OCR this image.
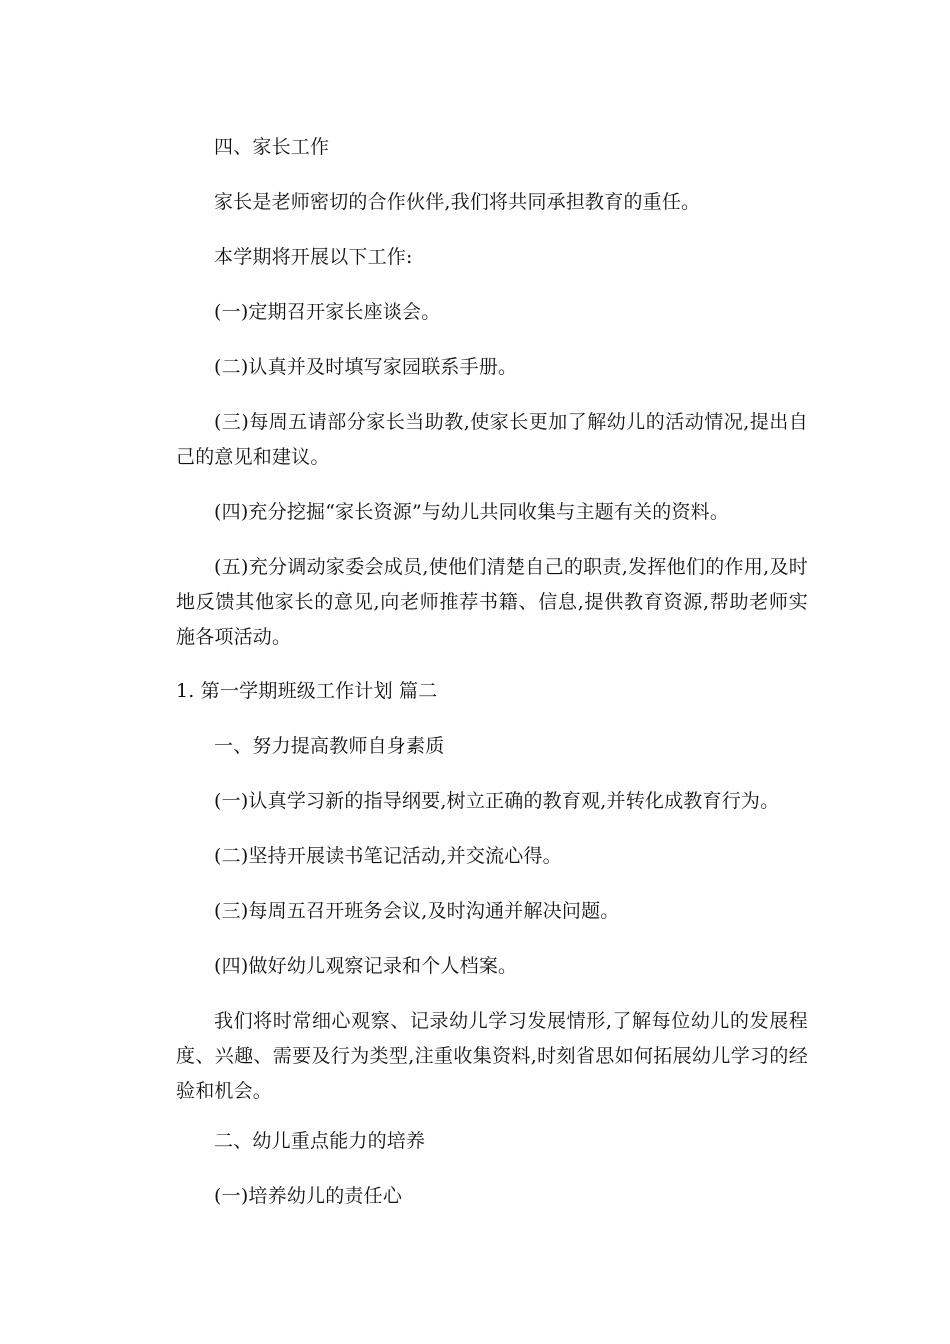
四、家长工作

家长是老师密切的合作伙伴,我们将共同承担教育的重任。

本学期将开展以下工作:

(一)定期召开家长座谈会。

(二)认真并及时填写家园联系手册。

(三)每周五请部分家长当助教,使家长更加了解幼儿的活动情况,提出自己的意见和建议。

(四)充分挖掘“家长资源”与幼儿共同收集与主题有关的资料。

(五)充分调动家委会成员,使他们清楚自己的职责,发挥他们的作用,及时地反馈其他家长的意见,向老师推荐书籍、信息,提供教育资源,帮助老师实施各项活动。

1. 第一学期班级工作计划 篇二

一、努力提高教师自身素质

(一)认真学习新的指导纲要,树立正确的教育观,并转化成教育行为。

(二)坚持开展读书笔记活动,并交流心得。

(三)每周五召开班务会议,及时沟通并解决问题。

(四)做好幼儿观察记录和个人档案。

我们将时常细心观察、记录幼儿学习发展情形,了解每位幼儿的发展程度、兴趣、需要及行为类型,注重收集资料,时刻省思如何拓展幼儿学习的经验和机会。

二、幼儿重点能力的培养

(一)培养幼儿的责任心
